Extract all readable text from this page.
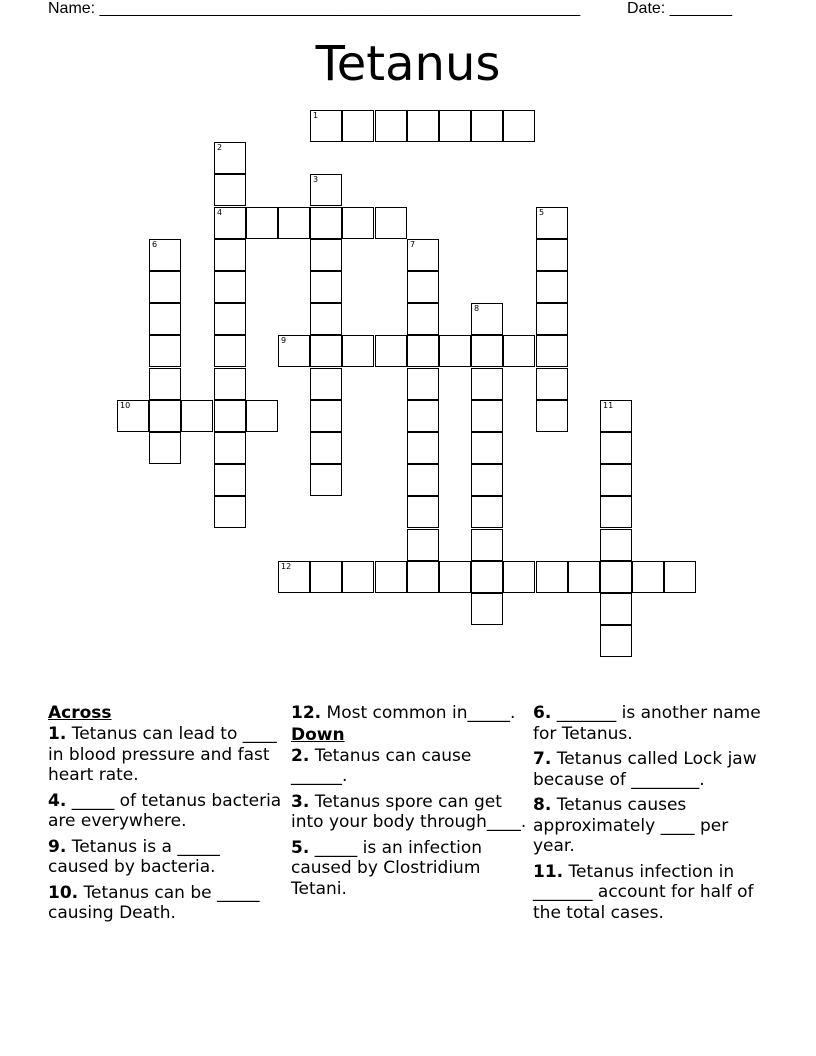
Name: ______________________________________________________	Date: _______
Tetanus
1
2
4
3
5
6	7
8
9
10	11
12
Across

1. Tetanus can lead to ____ in blood pressure and fast heart rate.

4. _____ of tetanus bacteria are everywhere.

9. Tetanus is a _____ caused by bacteria.

10. Tetanus can be _____ causing Death.

12. Most common in_____.

Down

2. Tetanus can cause ______.

3. Tetanus spore can get into your body through____.

5. _____ is an infection caused by Clostridium Tetani.

6. _______ is another name for Tetanus.

7. Tetanus called Lock jaw because of ________.

8. Tetanus causes approximately ____ per year.

11. Tetanus infection in _______ account for half of the total cases.
